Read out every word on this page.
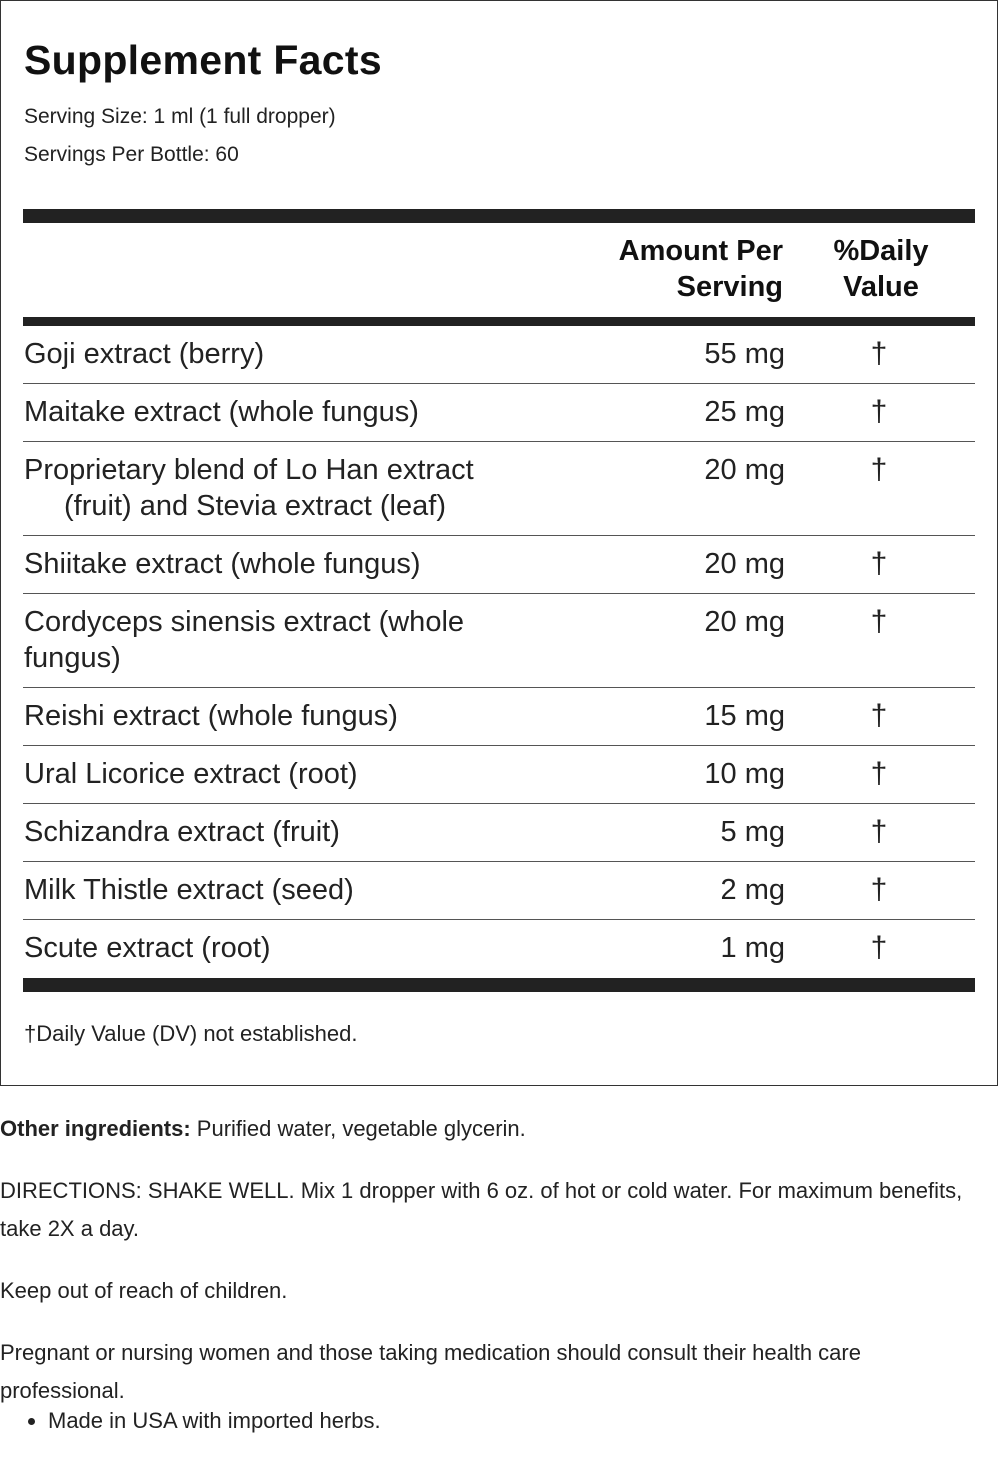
Supplement Facts
Serving Size: 1 ml (1 full dropper)
Servings Per Bottle: 60
Amount Per
Serving
%Daily
Value
Goji extract (berry)	55 mg	†
Maitake extract (whole fungus)	25 mg	†
Proprietary blend of Lo Han extract
(fruit) and Stevia extract (leaf)
20 mg	†
Shiitake extract (whole fungus)	20 mg	†
Cordyceps sinensis extract (whole
fungus)
20 mg	†
Reishi extract (whole fungus)	15 mg	†
Ural Licorice extract (root)	10 mg	†
Schizandra extract (fruit)	5 mg	†
Milk Thistle extract (seed)	2 mg	†
Scute extract (root)	1 mg	†
†Daily Value (DV) not established.
Other ingredients: Purified water, vegetable glycerin.
DIRECTIONS: SHAKE WELL. Mix 1 dropper with 6 oz. of hot or cold water. For maximum benefits, take 2X a day.
Keep out of reach of children.
Pregnant or nursing women and those taking medication should consult their health care professional.
• Made in USA with imported herbs.
